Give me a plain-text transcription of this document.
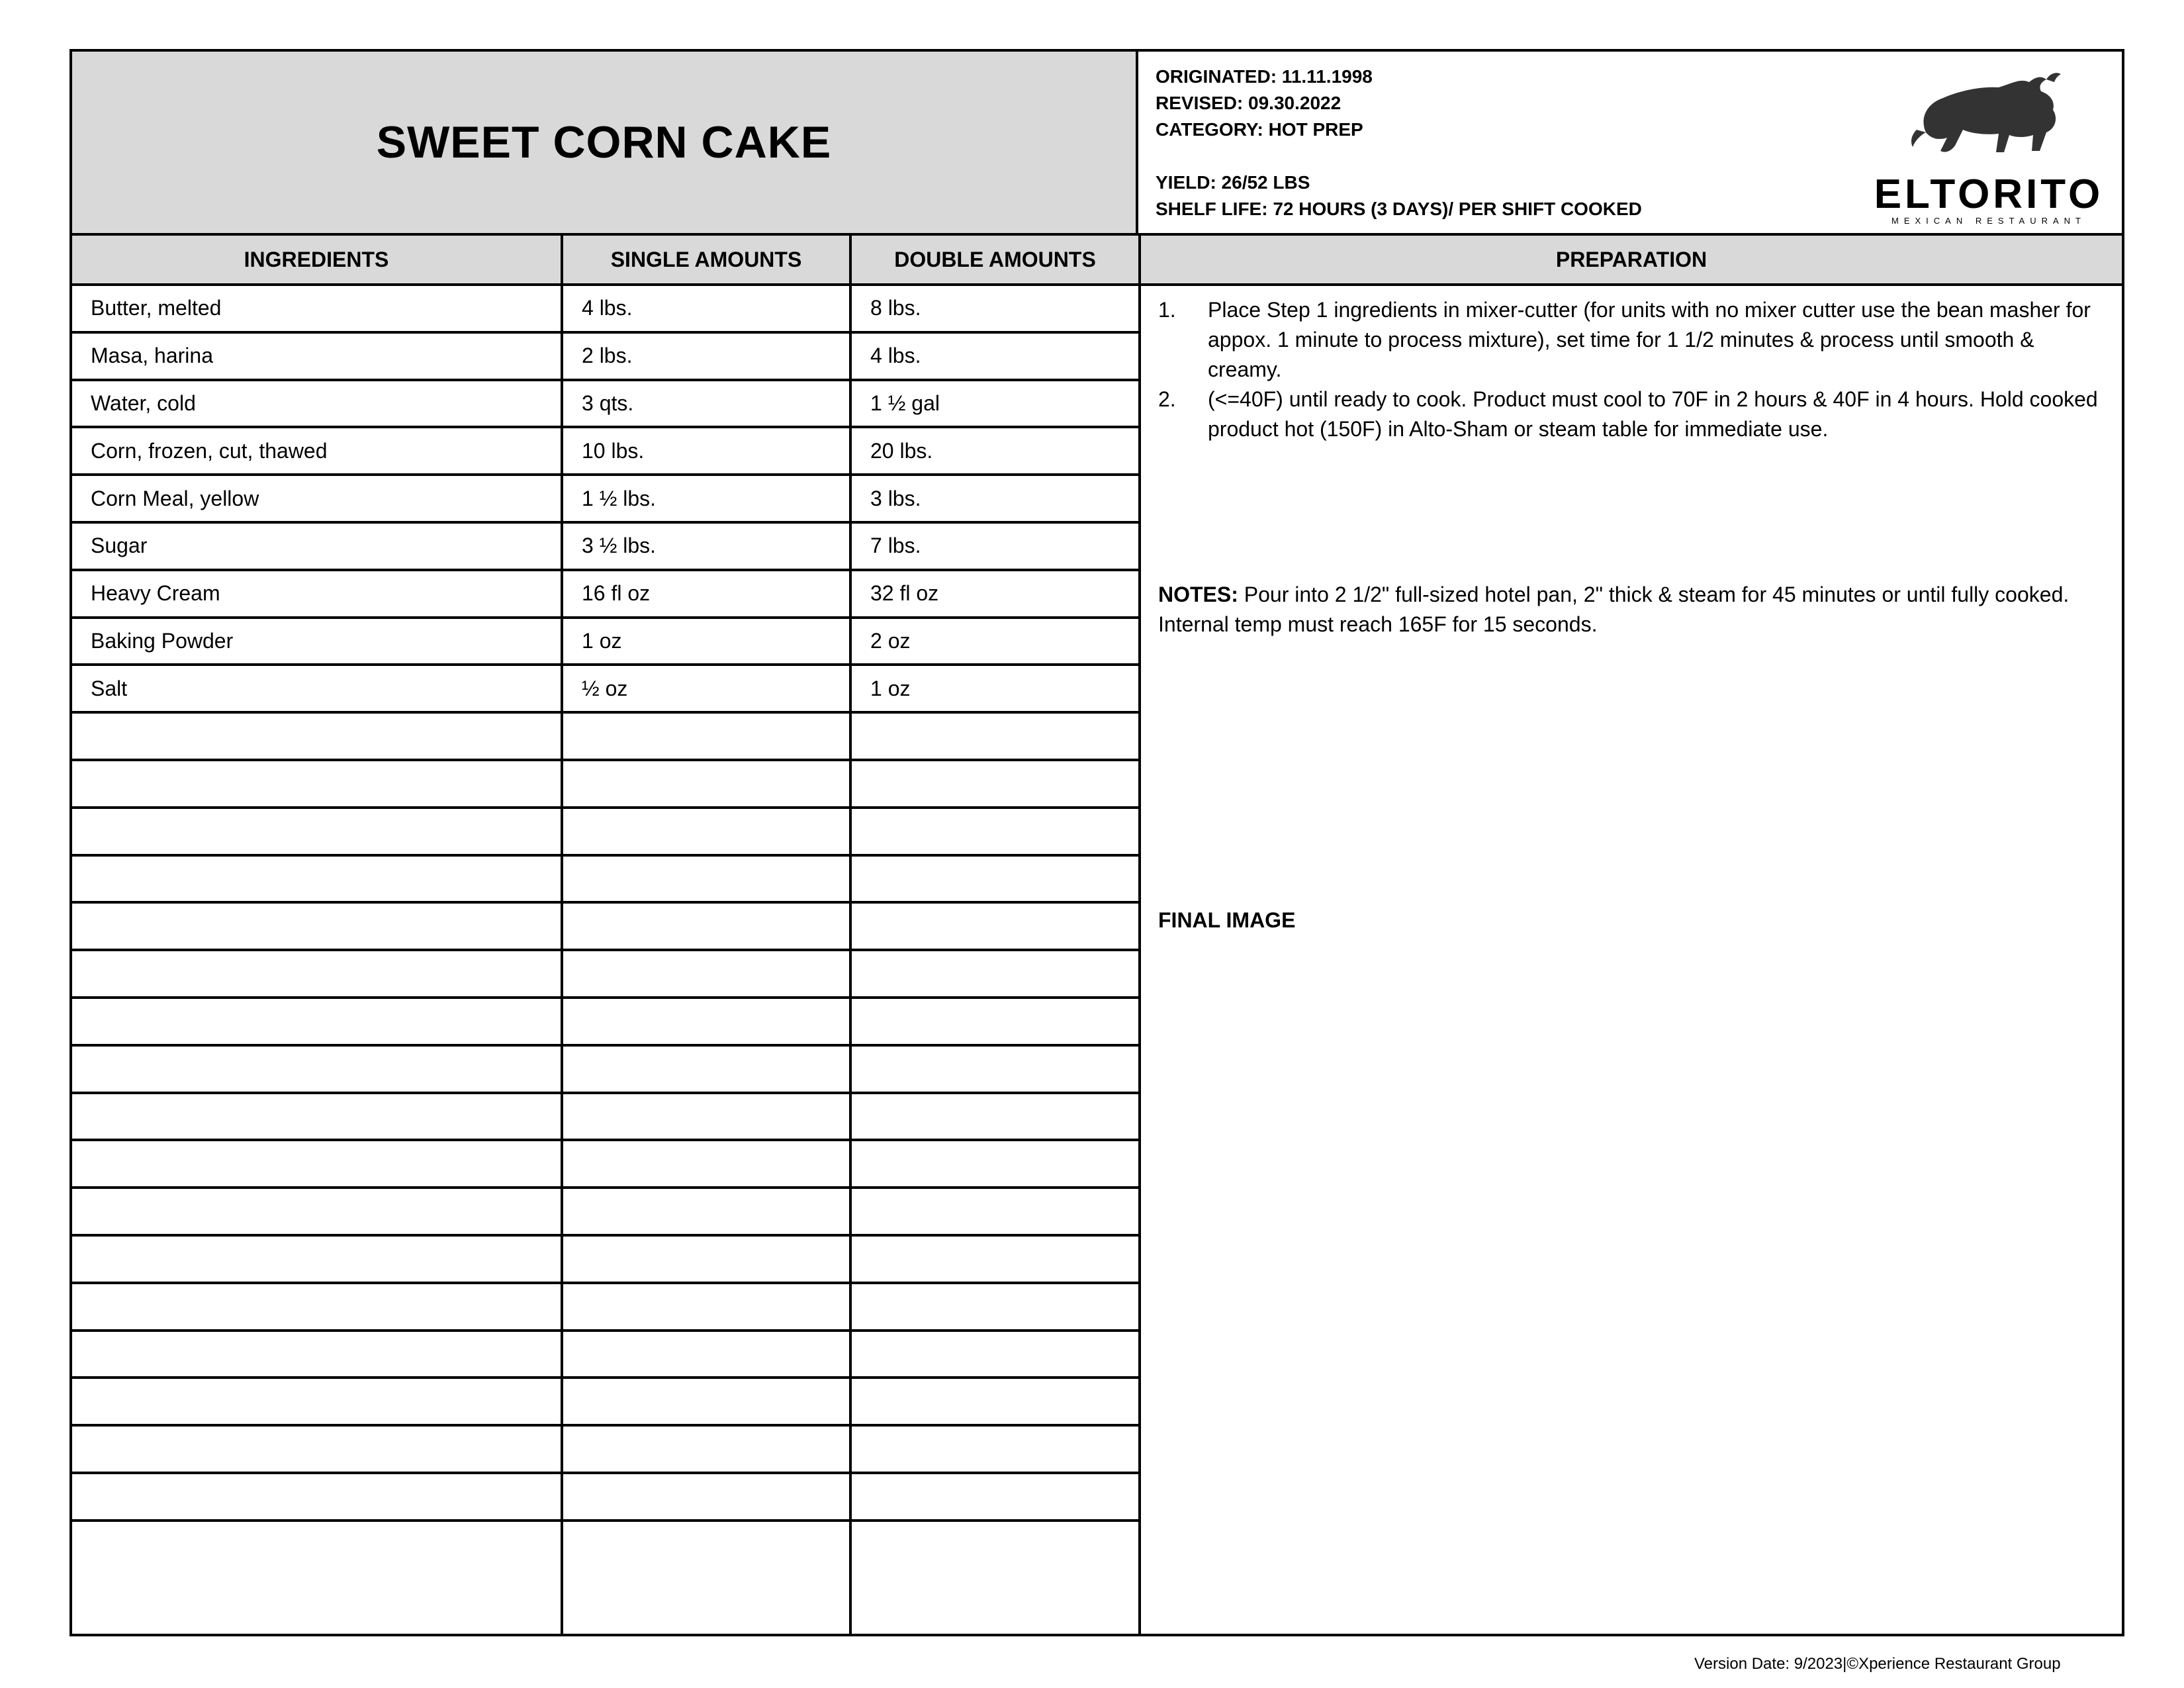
SWEET CORN CAKE
ORIGINATED: 11.11.1998
REVISED: 09.30.2022
CATEGORY: HOT PREP
YIELD: 26/52 LBS
SHELF LIFE: 72 HOURS (3 DAYS)/ PER SHIFT COOKED	ELTORITO
MEXICAN RESTAURANT
INGREDIENTS	SINGLE AMOUNTS	DOUBLE AMOUNTS	PREPARATION
Butter, melted	4 lbs.	8 lbs.
Masa, harina	2 lbs.	4 lbs.
Water, cold	3 qts.	1 ½ gal
Corn, frozen, cut, thawed	10 lbs.	20 lbs.
Corn Meal, yellow	1 ½ lbs.	3 lbs.
Sugar	3 ½ lbs.	7 lbs.
Heavy Cream	16 fl oz	32 fl oz
Baking Powder	1 oz	2 oz
Salt	½ oz	1 oz
1.	Place Step 1 ingredients in mixer-cutter (for units with no mixer cutter use the bean masher for appox. 1 minute to process mixture), set time for 1 1/2 minutes & process until smooth & creamy.
2.	(<=40F) until ready to cook. Product must cool to 70F in 2 hours & 40F in 4 hours. Hold cooked product hot (150F) in Alto-Sham or steam table for immediate use.
NOTES: Pour into 2 1/2" full-sized hotel pan, 2" thick & steam for 45 minutes or until fully cooked. Internal temp must reach 165F for 15 seconds.
FINAL IMAGE
Version Date: 9/2023|©Xperience Restaurant Group
